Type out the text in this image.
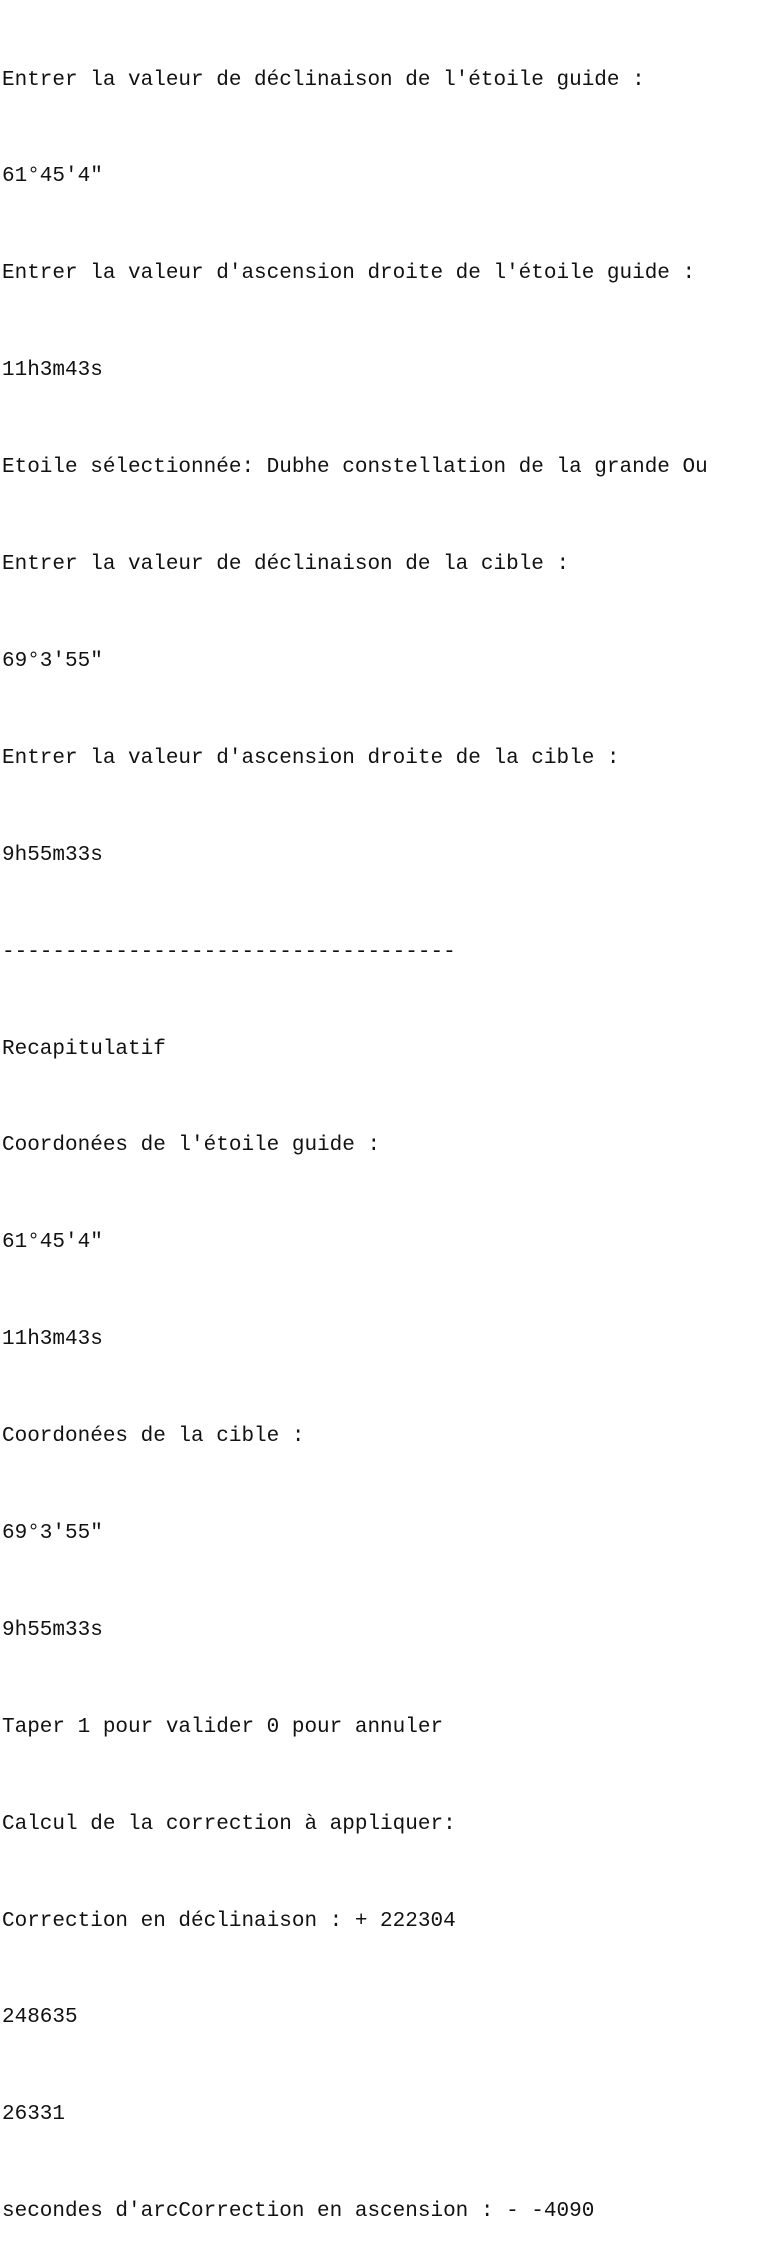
Entrer la valeur de déclinaison de l'étoile guide :

61°45'4"

Entrer la valeur d'ascension droite de l'étoile guide :

11h3m43s

Etoile sélectionnée: Dubhe constellation de la grande Ou

Entrer la valeur de déclinaison de la cible :

69°3'55"

Entrer la valeur d'ascension droite de la cible :

9h55m33s

------------------------------------

Recapitulatif

Coordonées de l'étoile guide :

61°45'4"

11h3m43s

Coordonées de la cible :

69°3'55"

9h55m33s

Taper 1 pour valider 0 pour annuler

Calcul de la correction à appliquer:

Correction en déclinaison : + 222304

248635

26331

secondes d'arcCorrection en ascension : - -4090
